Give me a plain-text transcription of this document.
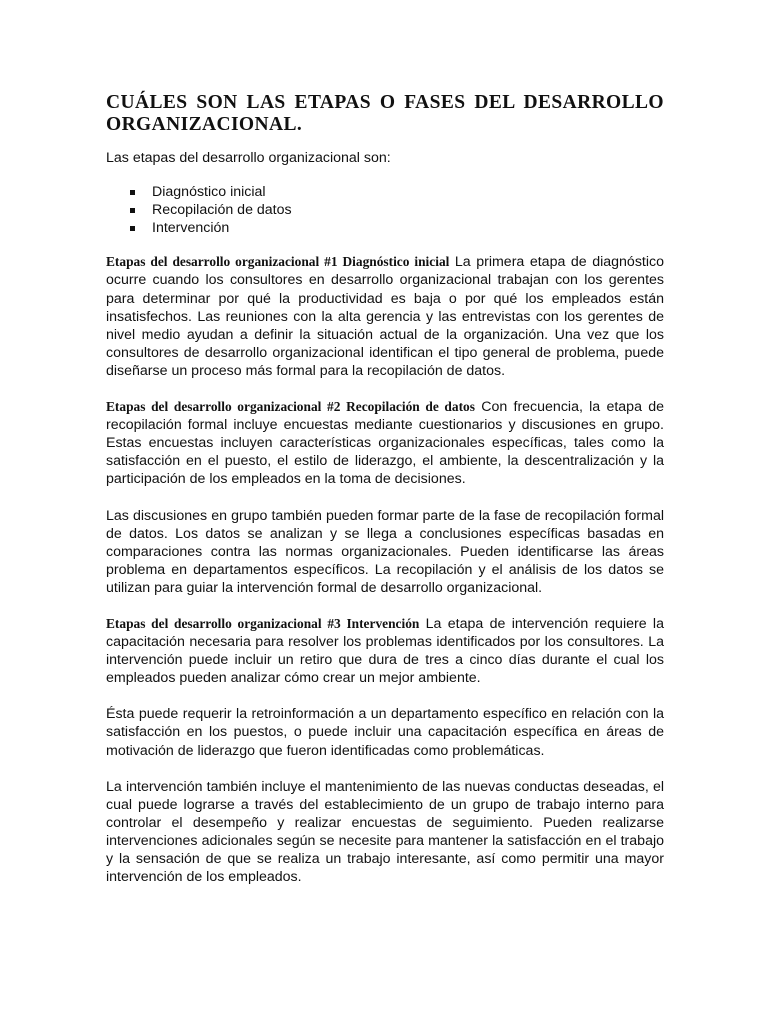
CUÁLES SON LAS ETAPAS O FASES DEL DESARROLLO ORGANIZACIONAL.

Las etapas del desarrollo organizacional son:

Diagnóstico inicial
Recopilación de datos
Intervención

Etapas del desarrollo organizacional #1 Diagnóstico inicial La primera etapa de diagnóstico ocurre cuando los consultores en desarrollo organizacional trabajan con los gerentes para determinar por qué la productividad es baja o por qué los empleados están insatisfechos. Las reuniones con la alta gerencia y las entrevistas con los gerentes de nivel medio ayudan a definir la situación actual de la organización. Una vez que los consultores de desarrollo organizacional identifican el tipo general de problema, puede diseñarse un proceso más formal para la recopilación de datos.

Etapas del desarrollo organizacional #2 Recopilación de datos Con frecuencia, la etapa de recopilación formal incluye encuestas mediante cuestionarios y discusiones en grupo. Estas encuestas incluyen características organizacionales específicas, tales como la satisfacción en el puesto, el estilo de liderazgo, el ambiente, la descentralización y la participación de los empleados en la toma de decisiones.

Las discusiones en grupo también pueden formar parte de la fase de recopilación formal de datos. Los datos se analizan y se llega a conclusiones específicas basadas en comparaciones contra las normas organizacionales. Pueden identificarse las áreas problema en departamentos específicos. La recopilación y el análisis de los datos se utilizan para guiar la intervención formal de desarrollo organizacional.

Etapas del desarrollo organizacional #3 Intervención La etapa de intervención requiere la capacitación necesaria para resolver los problemas identificados por los consultores. La intervención puede incluir un retiro que dura de tres a cinco días durante el cual los empleados pueden analizar cómo crear un mejor ambiente.

Ésta puede requerir la retroinformación a un departamento específico en relación con la satisfacción en los puestos, o puede incluir una capacitación específica en áreas de motivación de liderazgo que fueron identificadas como problemáticas.

La intervención también incluye el mantenimiento de las nuevas conductas deseadas, el cual puede lograrse a través del establecimiento de un grupo de trabajo interno para controlar el desempeño y realizar encuestas de seguimiento. Pueden realizarse intervenciones adicionales según se necesite para mantener la satisfacción en el trabajo y la sensación de que se realiza un trabajo interesante, así como permitir una mayor intervención de los empleados.
